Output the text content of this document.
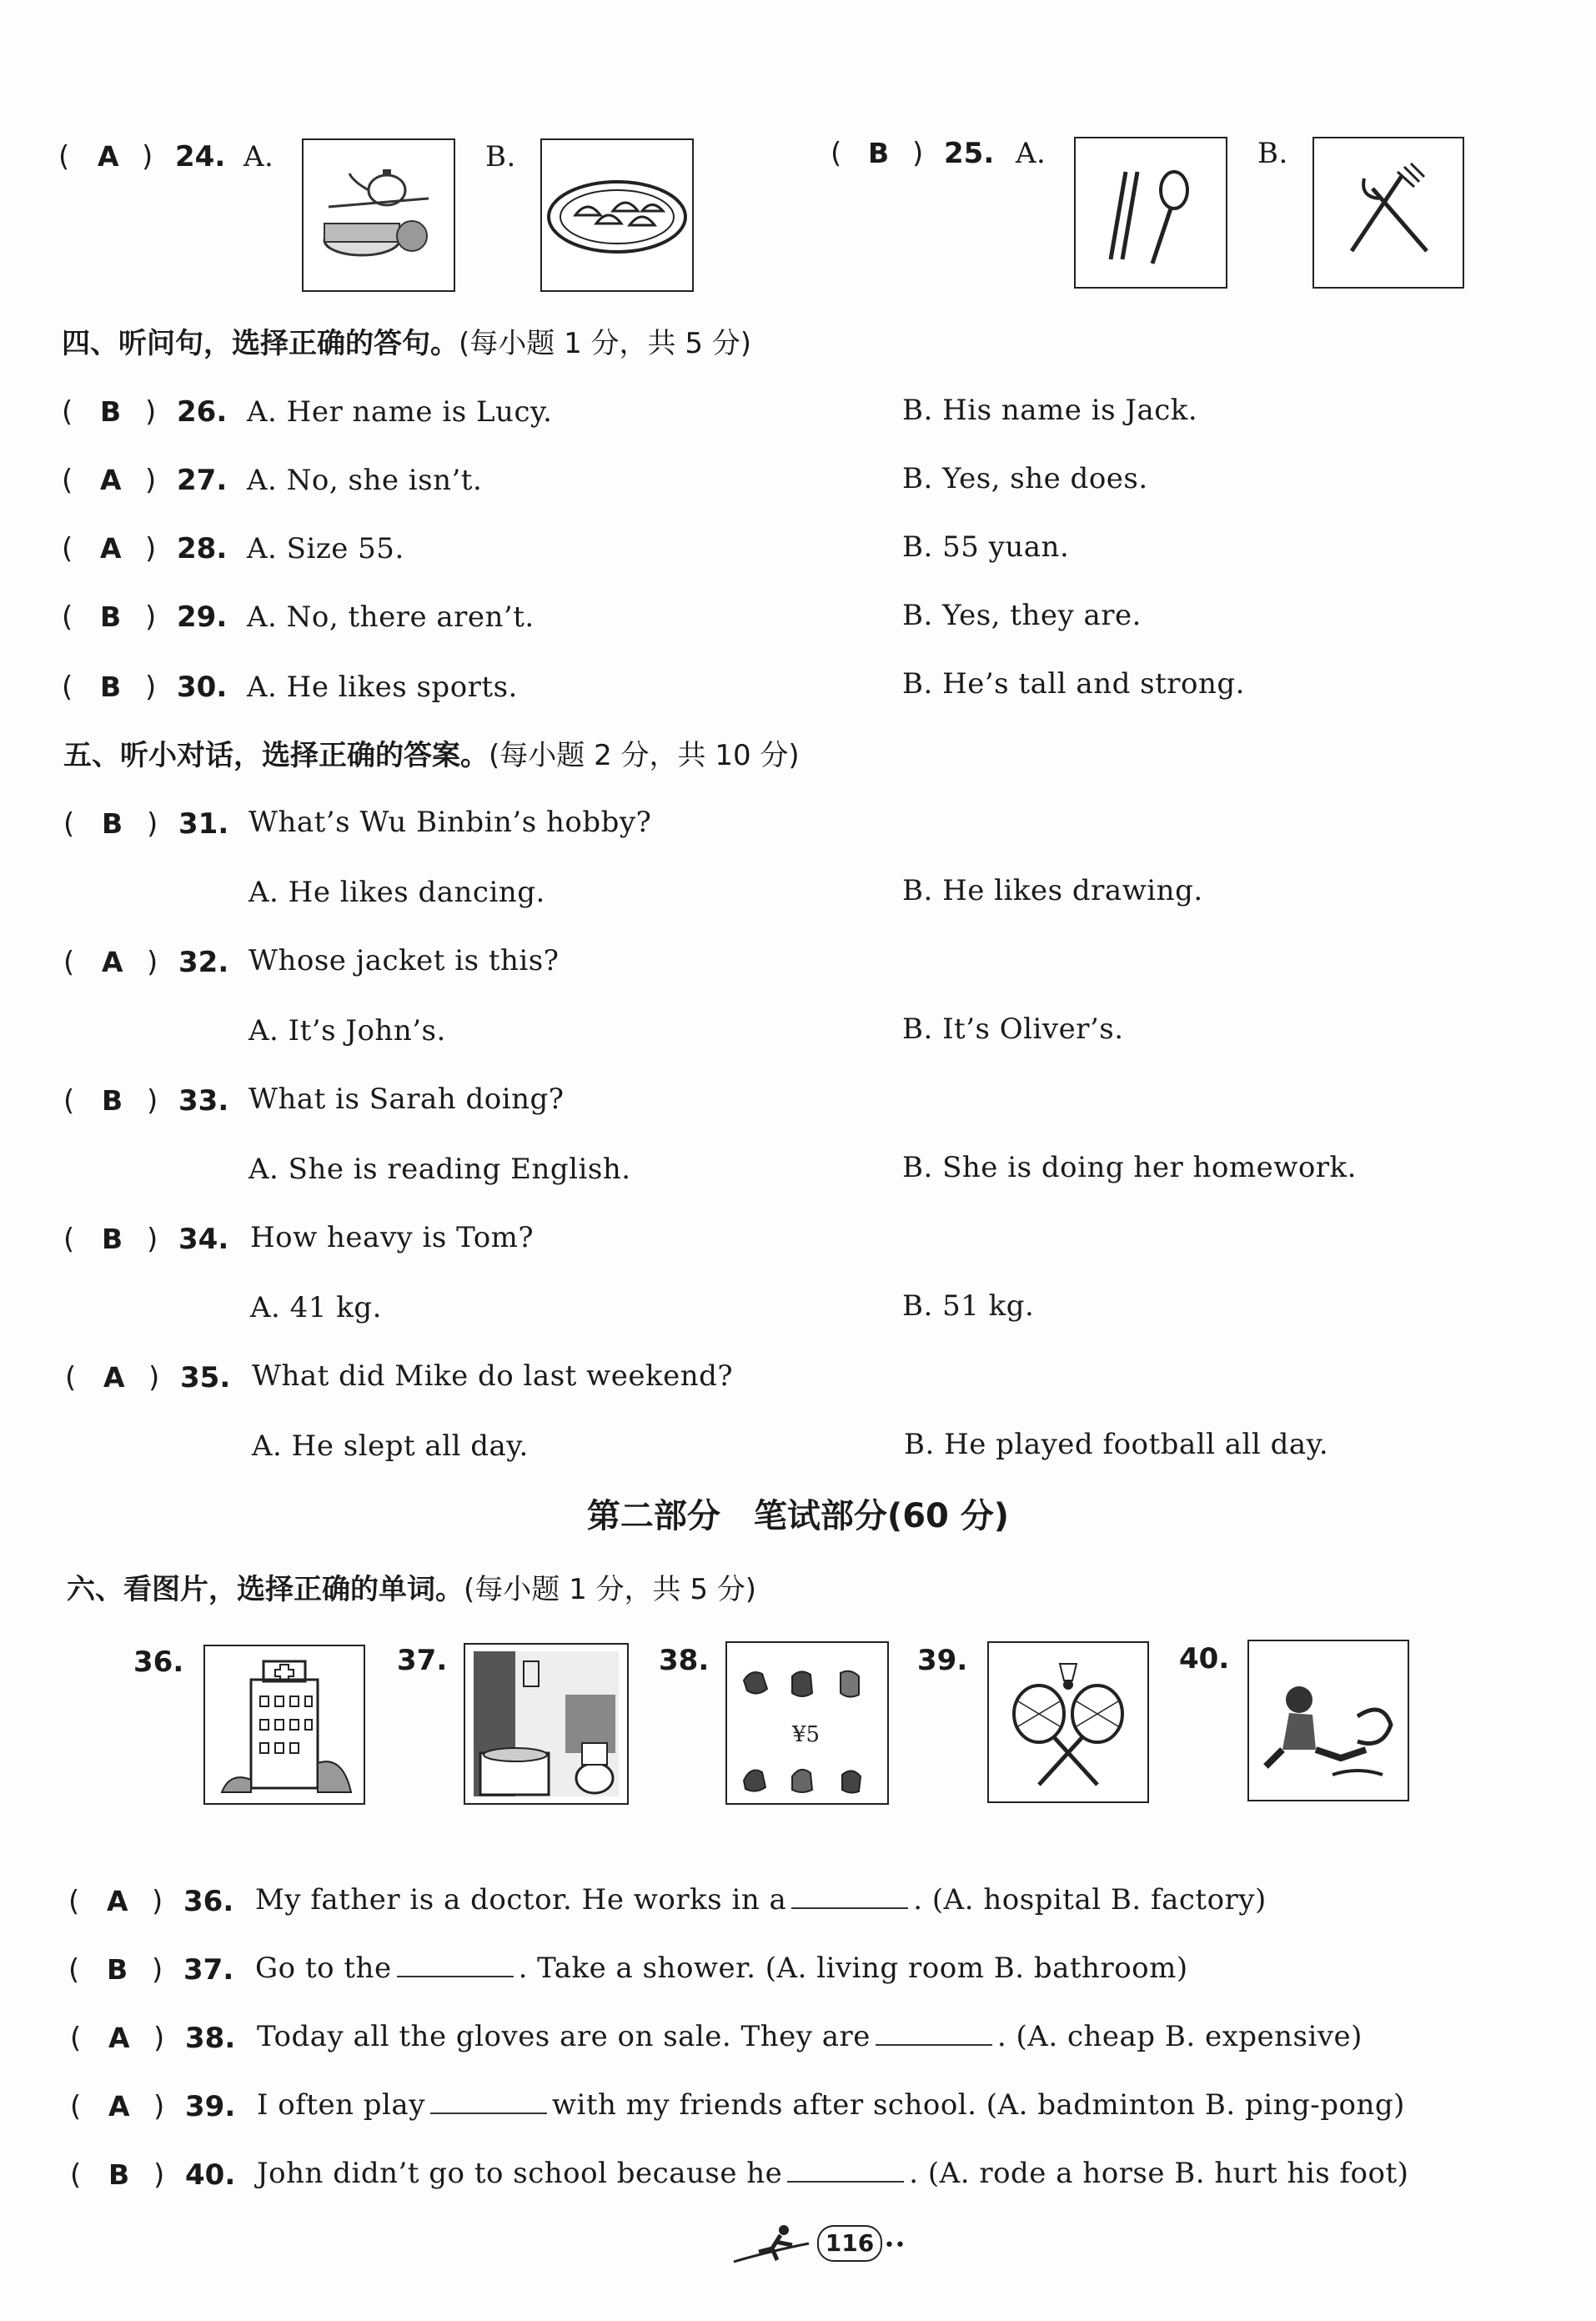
( A ) 24. A.	B.	( B ) 25. A.	B.
四、听问句，选择正确的答句。(每小题 1 分，共 5 分)
( B ) 26. A. Her name is Lucy.	B. His name is Jack.
( A ) 27. A. No, she isn’t.	B. Yes, she does.
( A ) 28. A. Size 55.	B. 55 yuan.
( B ) 29. A. No, there aren’t.	B. Yes, they are.
( B ) 30. A. He likes sports.	B. He’s tall and strong.
五、听小对话，选择正确的答案。(每小题 2 分，共 10 分)
( B ) 31. What’s Wu Binbin’s hobby?
A. He likes dancing.	B. He likes drawing.
( A ) 32. Whose jacket is this?
A. It’s John’s.	B. It’s Oliver’s.
( B ) 33. What is Sarah doing?
A. She is reading English.	B. She is doing her homework.
( B ) 34. How heavy is Tom?
A. 41 kg.	B. 51 kg.
( A ) 35. What did Mike do last weekend?
A. He slept all day.	B. He played football all day.
第二部分　笔试部分(60 分)
六、看图片，选择正确的单词。(每小题 1 分，共 5 分)
36.	37.	38.
¥5
39.	40.
( A ) 36. My father is a doctor. He works in a	. (A. hospital B. factory)
( B ) 37. Go to the	. Take a shower. (A. living room B. bathroom)
( A ) 38. Today all the gloves are on sale. They are	. (A. cheap B. expensive)
( A ) 39. I often play	with my friends after school. (A. badminton B. ping-pong)
( B ) 40. John didn’t go to school because he	. (A. rode a horse B. hurt his foot)
116 ••
